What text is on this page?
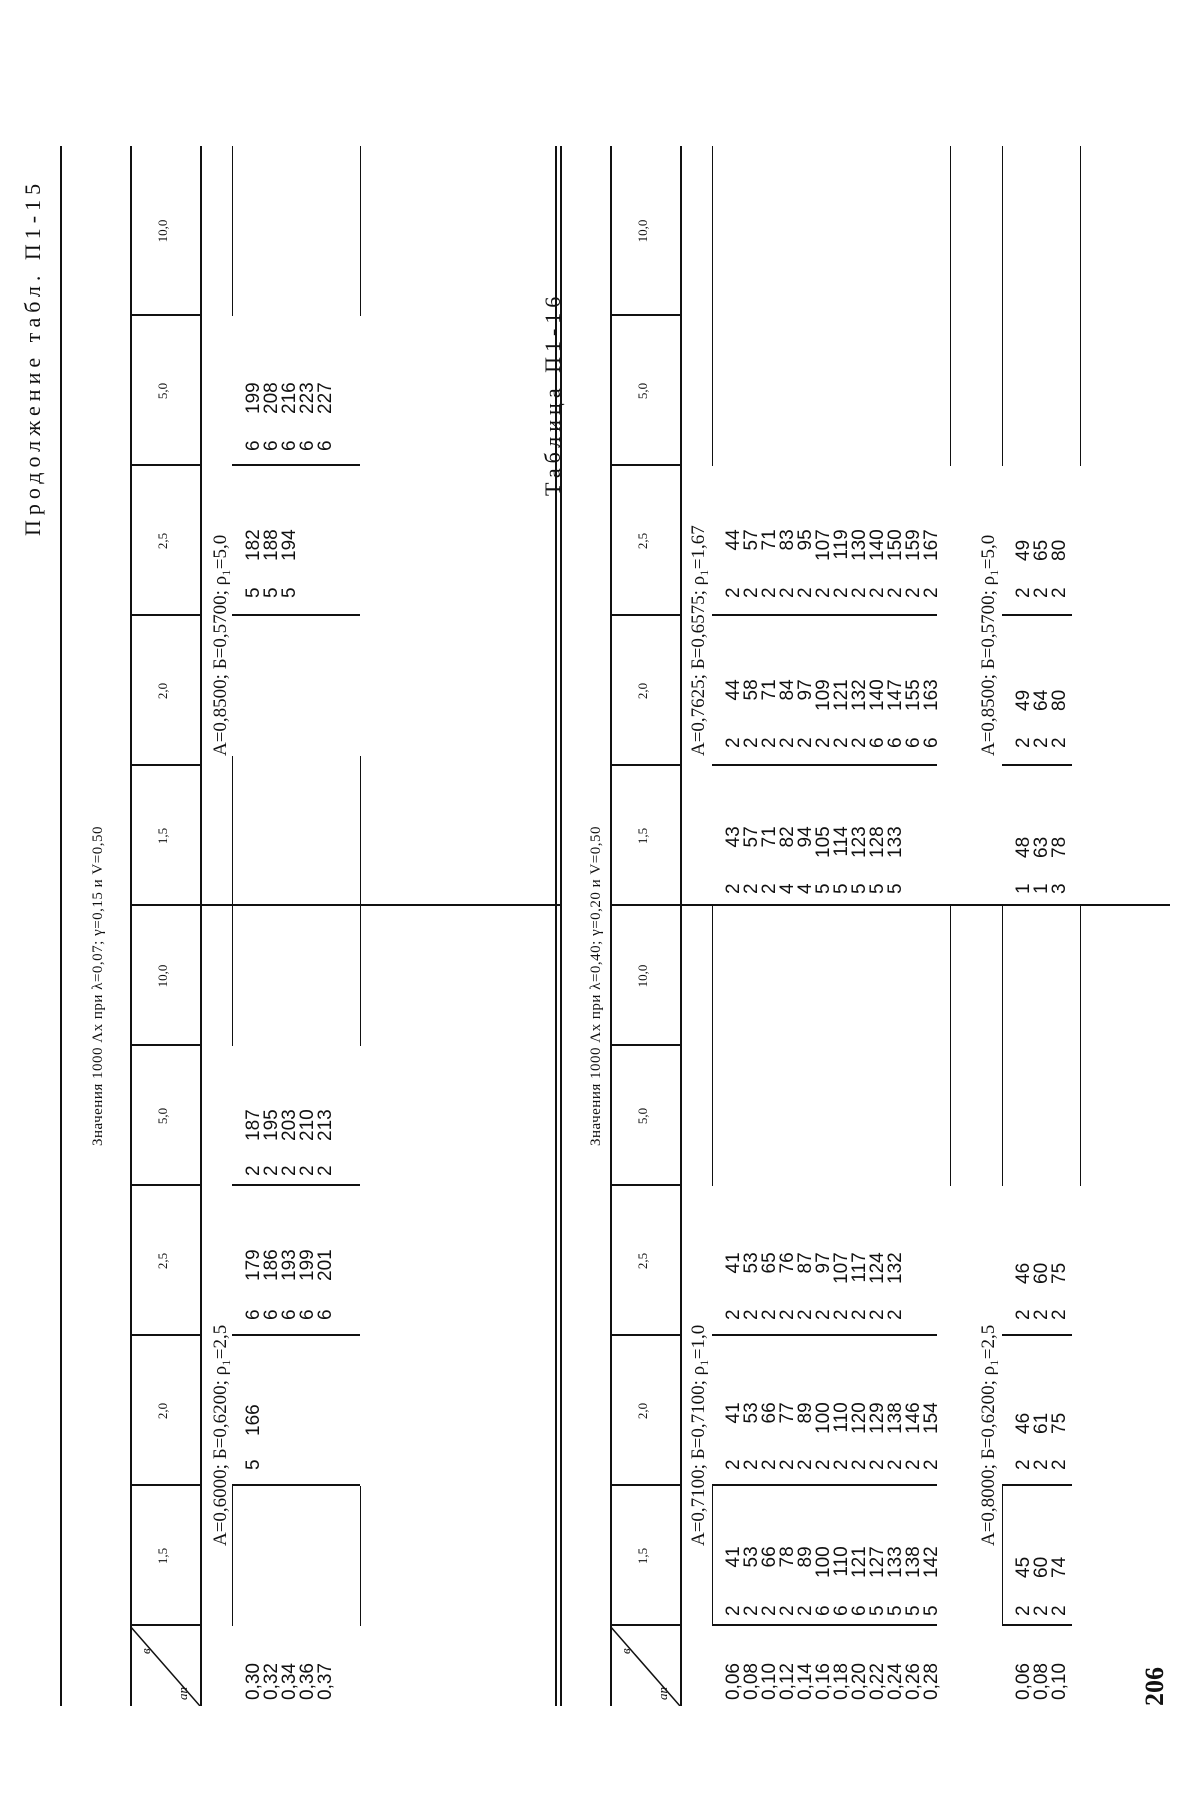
206
Продолжение табл. П1-15
Значения 1000 Λх при λ=0,07; γ=0,15 и V=0,50
в
aп
1,5
2,0
2,5
5,0
10,0
1,5
2,0
2,5
5,0
10,0
А=0,6000; Б=0,6200; ρ₁=2,5
А=0,8500; Б=0,5700; ρ₁=5,0
0,30
0,32
0,34
0,36
0,37
5
166
6
6
6
6
6
179
186
193
199
201
2
2
2
2
2
187
195
203
210
213
5
5
5
182
188
194
6
6
6
6
6
199
208
216
223
227	Таблица П1-16
Значения 1000 Λх при λ=0,40; γ=0,20 и V=0,50
в
aп
1,5
2,0
2,5
5,0
10,0
1,5
2,0
2,5
5,0
10,0
А=0,7100; Б=0,7100; ρ₁=1,0
А=0,7625; Б=0,6575; ρ₁=1,67
0,06
0,08
0,10
0,12
0,14
0,16
0,18
0,20
0,22
0,24
0,26
0,28
2
2
2
2
2
6
6
6
5
5
5
5
41
53
66
78
89
100
110
121
127
133
138
142
2
2
2
2
2
2
2
2
2
2
2
2
41
53
66
77
89
100
110
120
129
138
146
154
2
2
2
2
2
2
2
2
2
2
41
53
65
76
87
97
107
117
124
132
2
2
2
4
4
5
5
5
5
5
43
57
71
82
94
105
114
123
128
133
2
2
2
2
2
2
2
2
6
6
6
6
44
58
71
84
97
109
121
132
140
147
155
163
2
2
2
2
2
2
2
2
2
2
2
2
44
57
71
83
95
107
119
130
140
150
159
167
А=0,8000; Б=0,6200; ρ₁=2,5
А=0,8500; Б=0,5700; ρ₁=5,0
0,06
0,08
0,10
2
2
2
45
60
74
2
2
2
46
61
75
2
2
2
46
60
75
1
1
3
48
63
78
2
2
2
49
64
80
2
2
2
49
65
80
